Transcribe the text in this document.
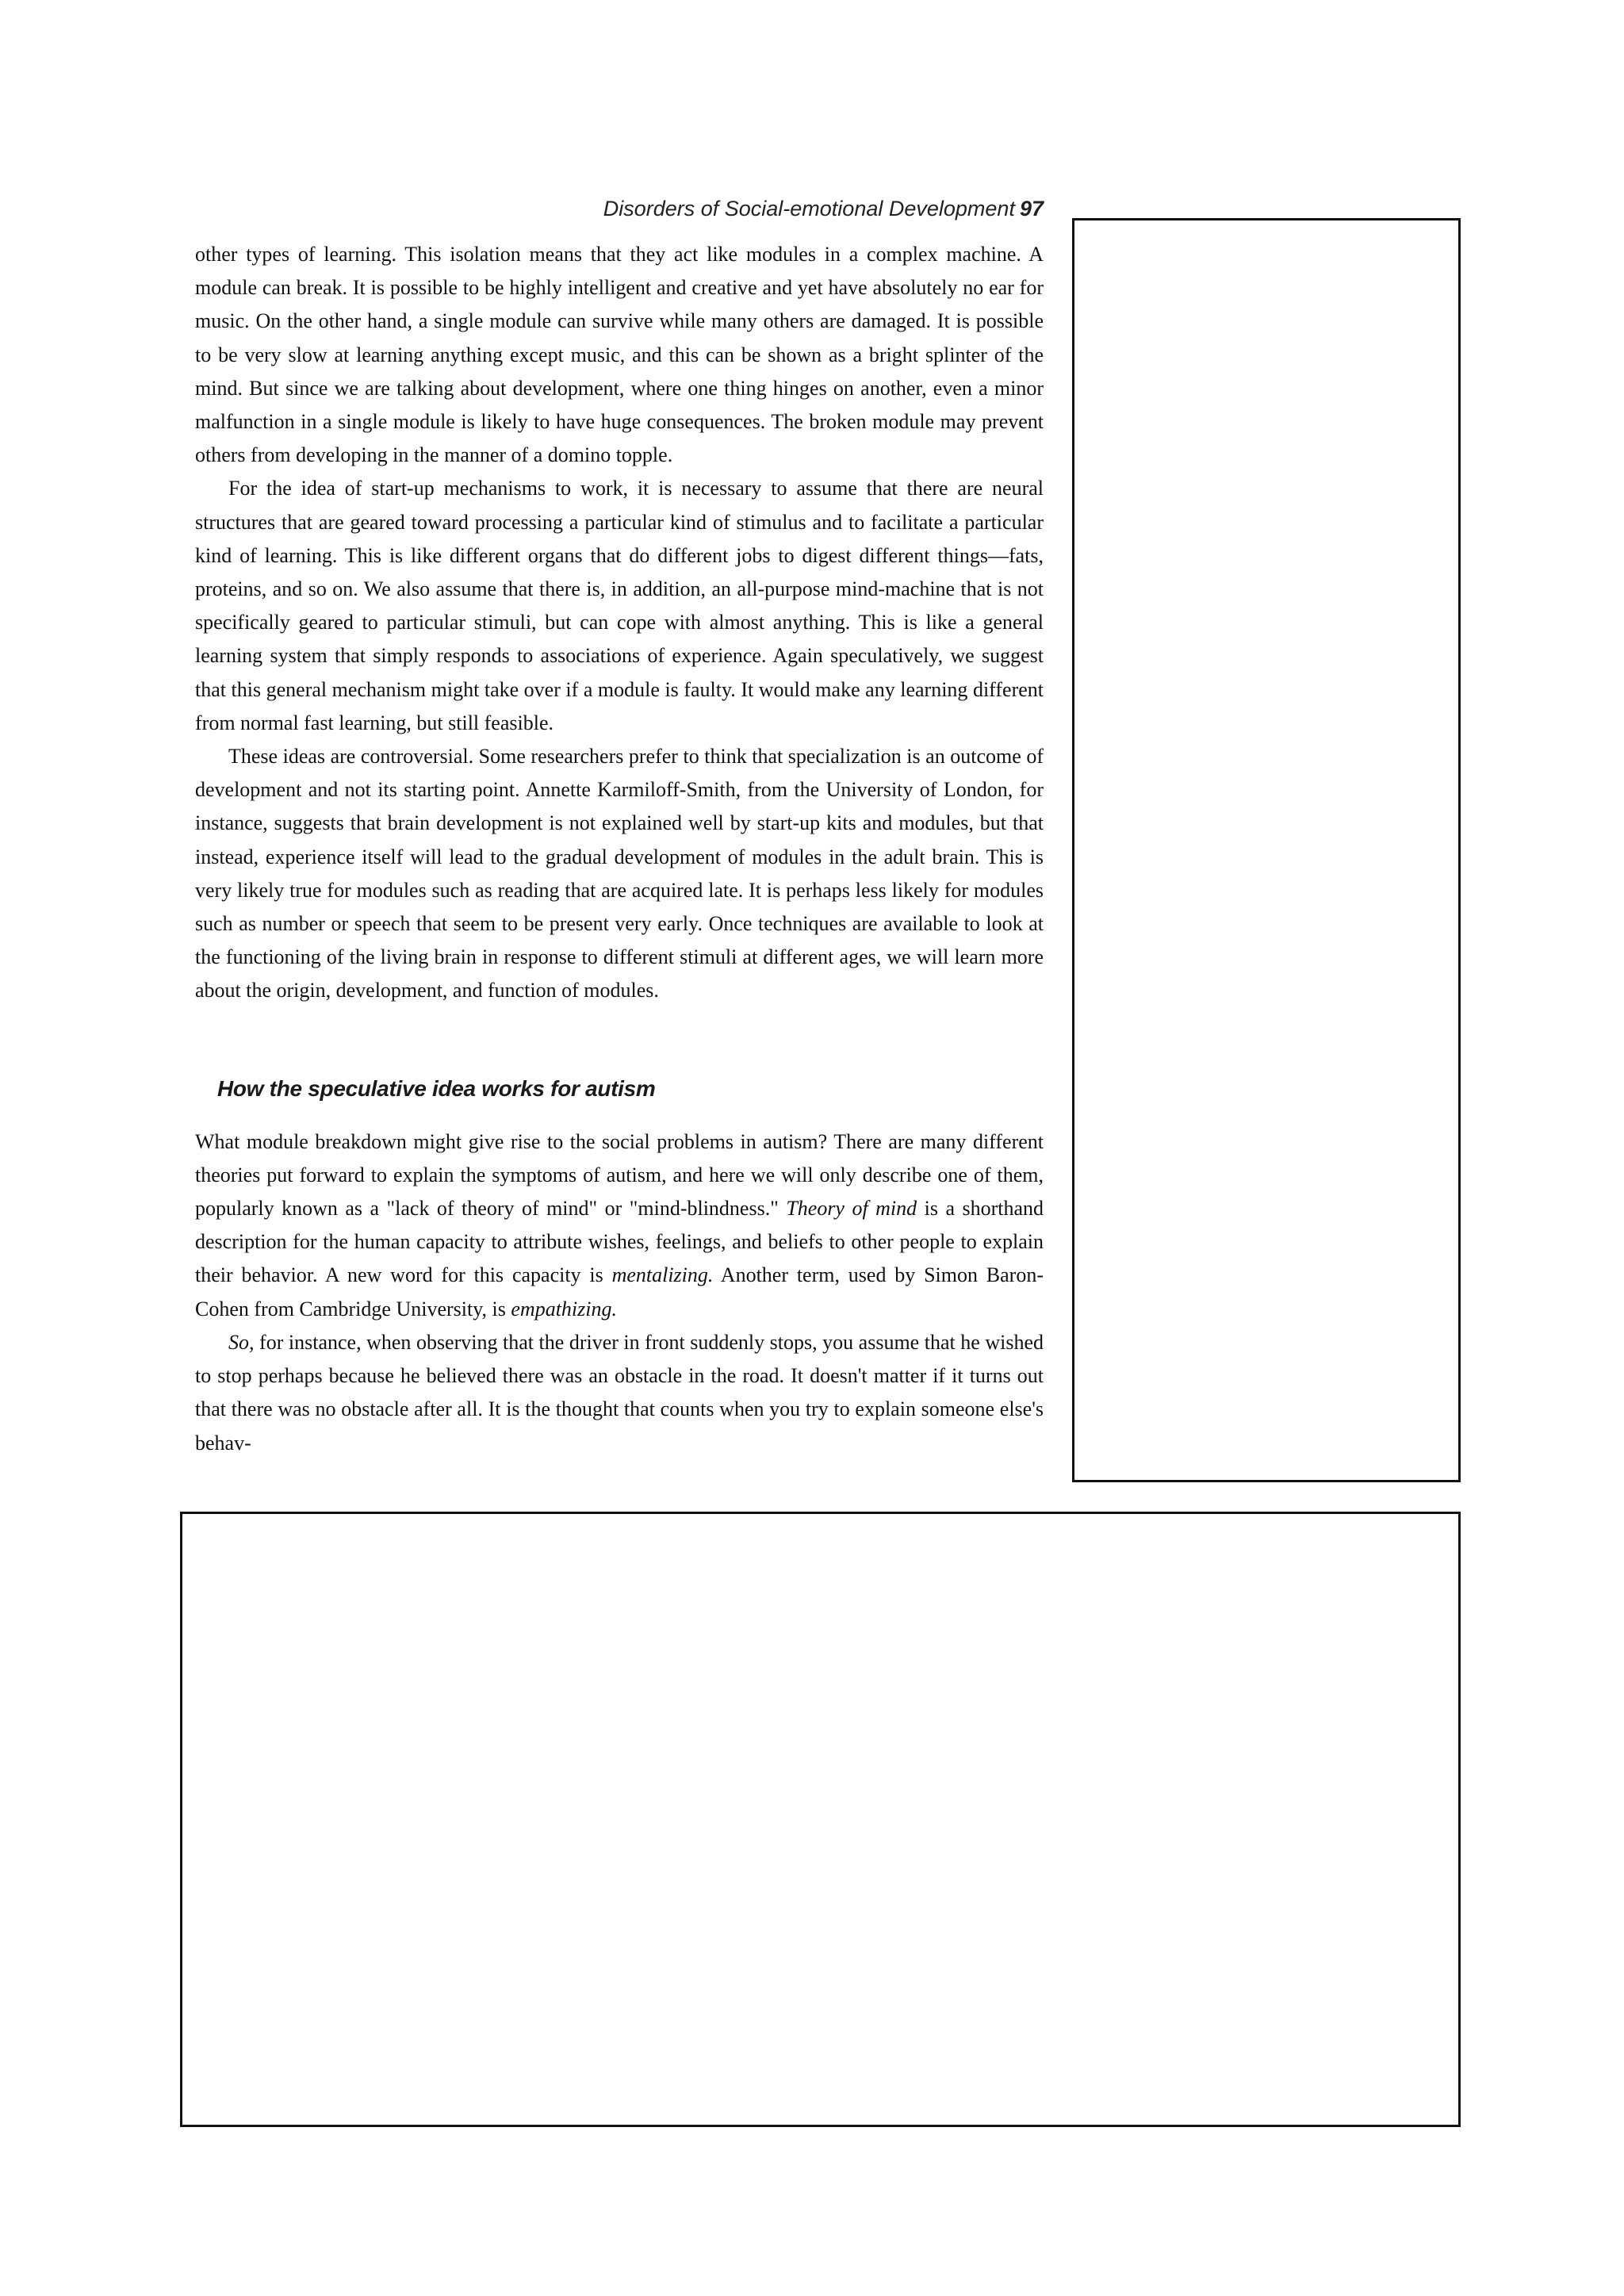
Disorders of Social-emotional Development 97

other types of learning. This isolation means that they act like modules in a complex machine. A module can break. It is possible to be highly intelligent and creative and yet have absolutely no ear for music. On the other hand, a single module can survive while many others are damaged. It is possible to be very slow at learning anything except music, and this can be shown as a bright splinter of the mind. But since we are talking about development, where one thing hinges on another, even a minor malfunction in a single module is likely to have huge consequences. The broken module may prevent others from developing in the manner of a domino topple.

For the idea of start-up mechanisms to work, it is necessary to assume that there are neural structures that are geared toward processing a particular kind of stimulus and to facilitate a particular kind of learning. This is like different organs that do different jobs to digest different things—fats, proteins, and so on. We also assume that there is, in addition, an all-purpose mind-machine that is not specifically geared to particular stimuli, but can cope with almost anything. This is like a general learning system that simply responds to associations of experience. Again speculatively, we suggest that this general mechanism might take over if a module is faulty. It would make any learning different from normal fast learning, but still feasible.

These ideas are controversial. Some researchers prefer to think that specialization is an outcome of development and not its starting point. Annette Karmiloff-Smith, from the University of London, for instance, suggests that brain development is not explained well by start-up kits and modules, but that instead, experience itself will lead to the gradual development of modules in the adult brain. This is very likely true for modules such as reading that are acquired late. It is perhaps less likely for modules such as number or speech that seem to be present very early. Once techniques are available to look at the functioning of the living brain in response to different stimuli at different ages, we will learn more about the origin, development, and function of modules.

How the speculative idea works for autism

What module breakdown might give rise to the social problems in autism? There are many different theories put forward to explain the symptoms of autism, and here we will only describe one of them, popularly known as a "lack of theory of mind" or "mind-blindness." Theory of mind is a shorthand description for the human capacity to attribute wishes, feelings, and beliefs to other people to explain their behavior. A new word for this capacity is mentalizing. Another term, used by Simon Baron-Cohen from Cambridge University, is empathizing.

So, for instance, when observing that the driver in front suddenly stops, you assume that he wished to stop perhaps because he believed there was an obstacle in the road. It doesn't matter if it turns out that there was no obstacle after all. It is the thought that counts when you try to explain someone else's behav-
